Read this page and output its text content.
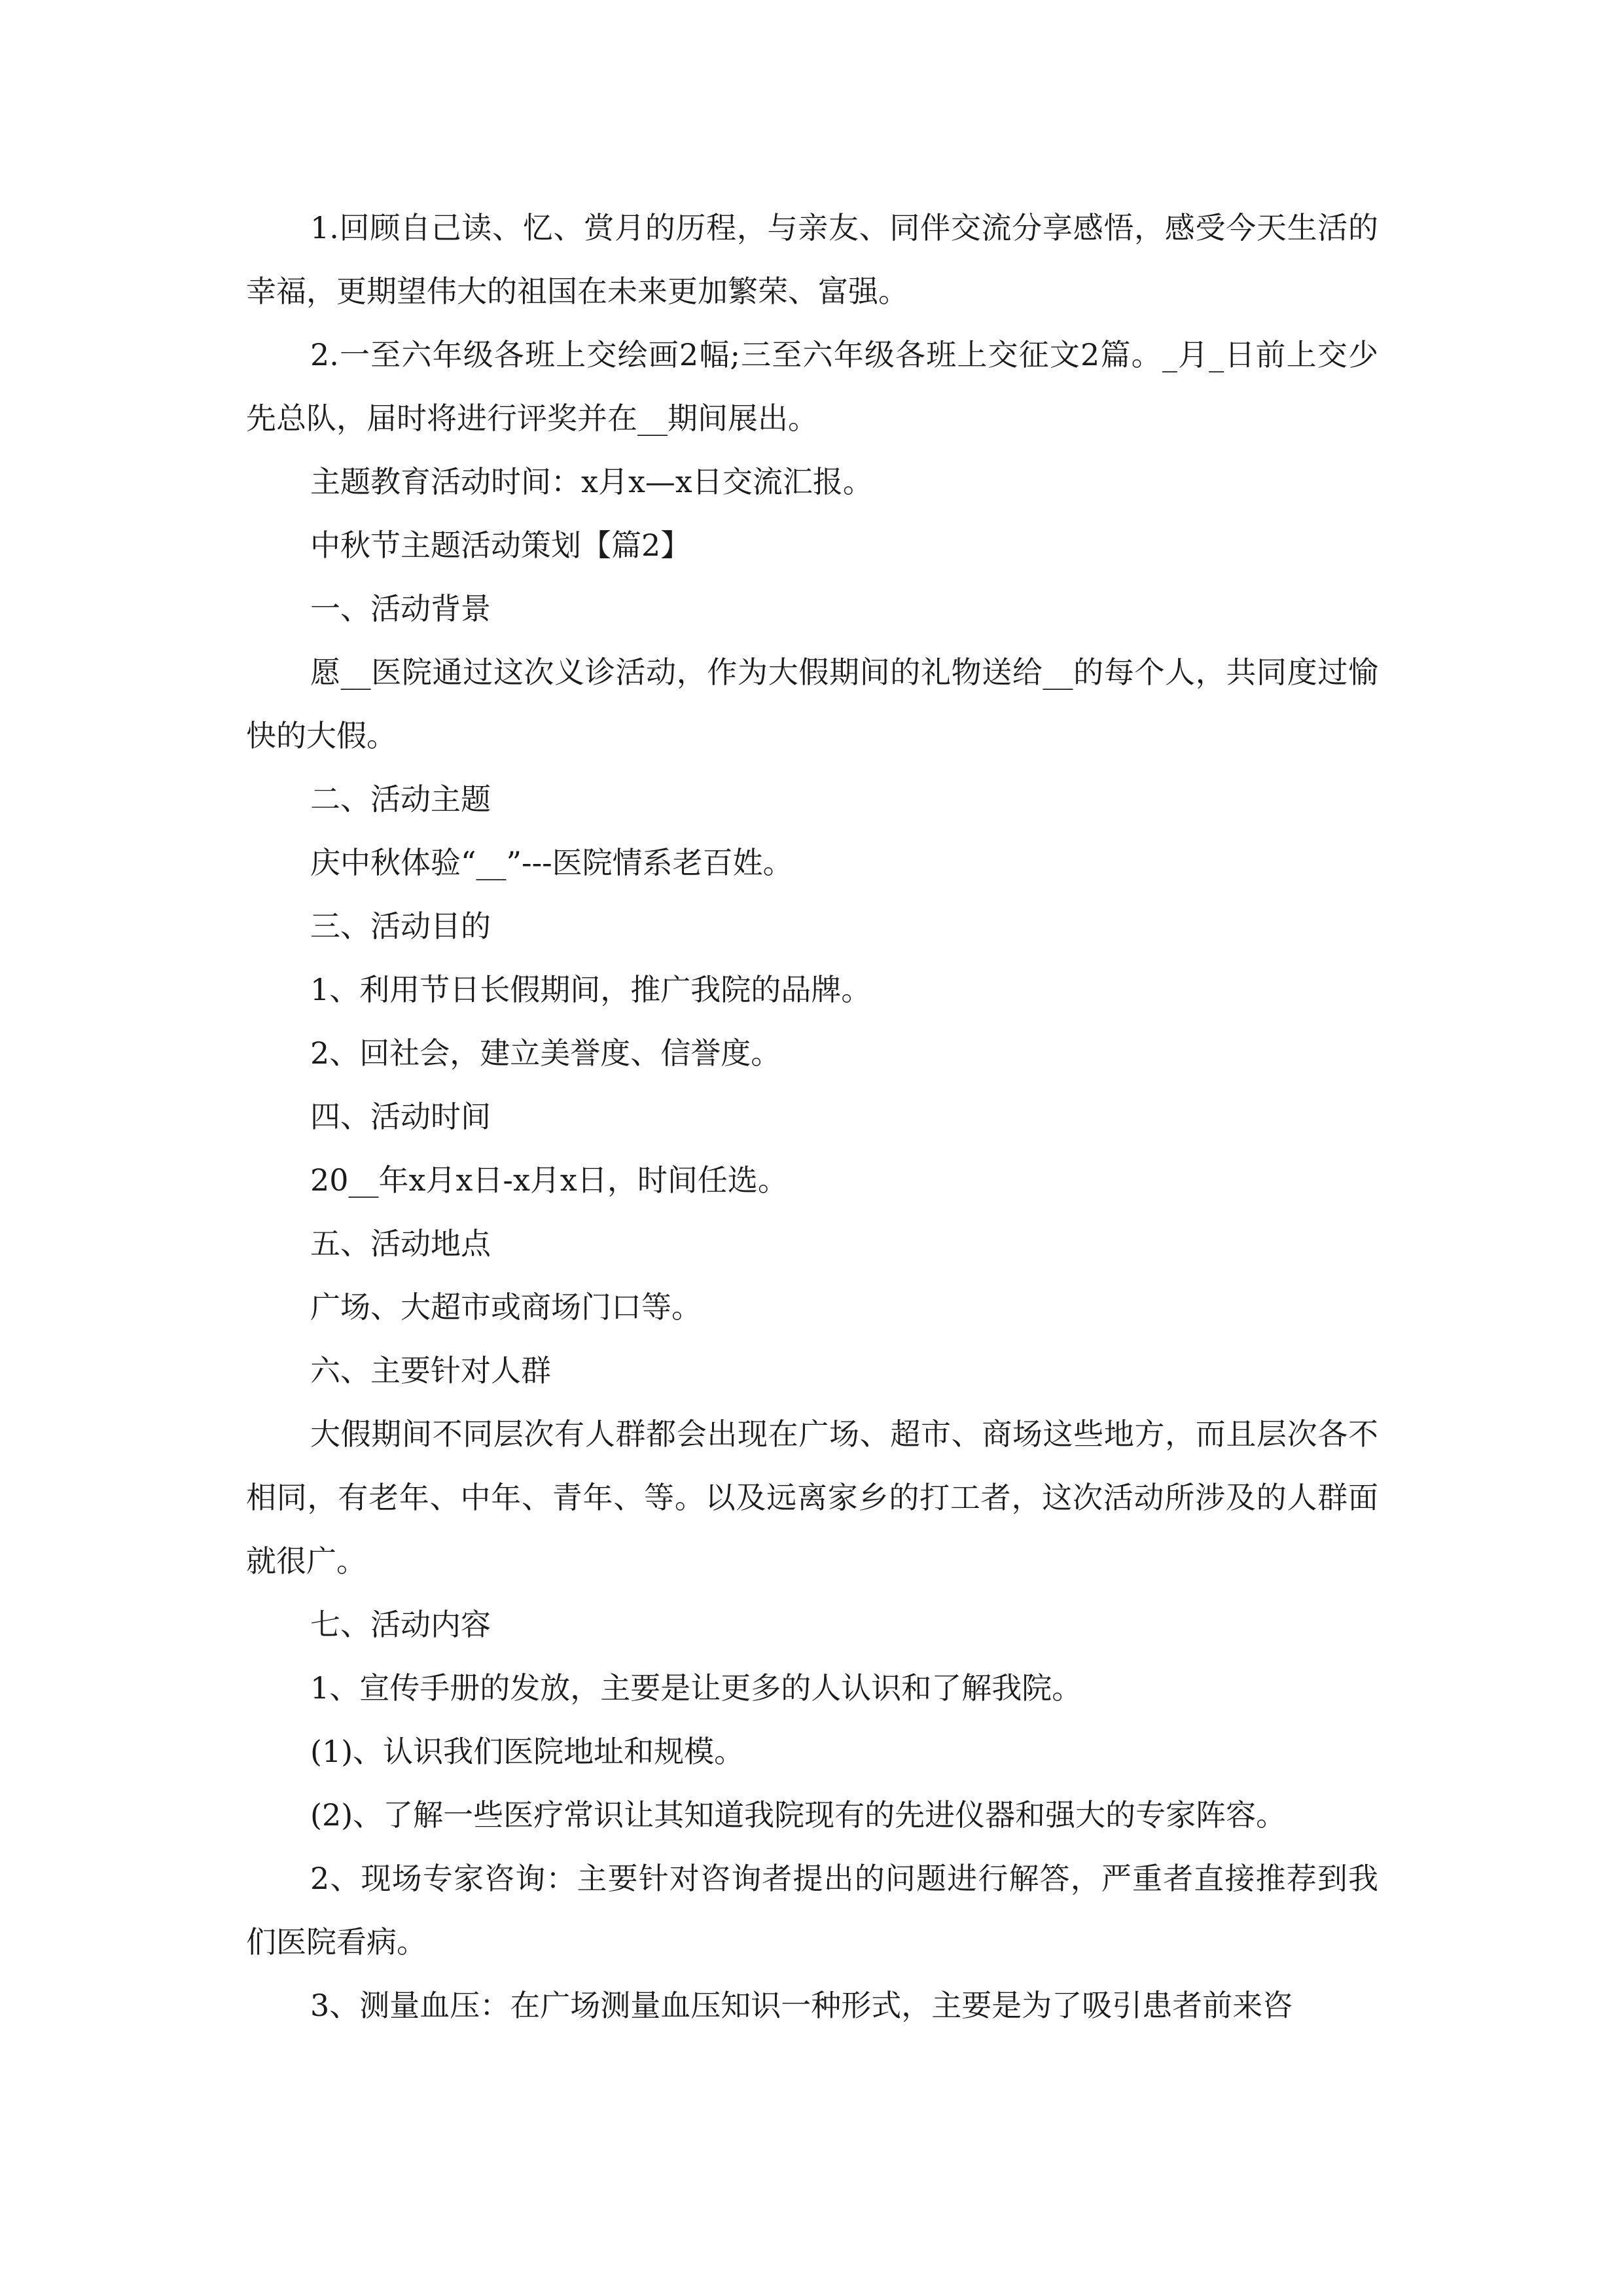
1.回顾自己读、忆、赏月的历程，与亲友、同伴交流分享感悟，感受今天生活的幸福，更期望伟大的祖国在未来更加繁荣、富强。

2.一至六年级各班上交绘画2幅;三至六年级各班上交征文2篇。_月_日前上交少先总队，届时将进行评奖并在__期间展出。

主题教育活动时间：x月x—x日交流汇报。

中秋节主题活动策划【篇2】

一、活动背景

愿__医院通过这次义诊活动，作为大假期间的礼物送给__的每个人，共同度过愉快的大假。

二、活动主题

庆中秋体验“__”---医院情系老百姓。

三、活动目的

1、利用节日长假期间，推广我院的品牌。

2、回社会，建立美誉度、信誉度。

四、活动时间

20__年x月x日-x月x日，时间任选。

五、活动地点

广场、大超市或商场门口等。

六、主要针对人群

大假期间不同层次有人群都会出现在广场、超市、商场这些地方，而且层次各不相同，有老年、中年、青年、等。以及远离家乡的打工者，这次活动所涉及的人群面就很广。

七、活动内容

1、宣传手册的发放，主要是让更多的人认识和了解我院。

(1)、认识我们医院地址和规模。

(2)、了解一些医疗常识让其知道我院现有的先进仪器和强大的专家阵容。

2、现场专家咨询：主要针对咨询者提出的问题进行解答，严重者直接推荐到我们医院看病。

3、测量血压：在广场测量血压知识一种形式，主要是为了吸引患者前来咨
